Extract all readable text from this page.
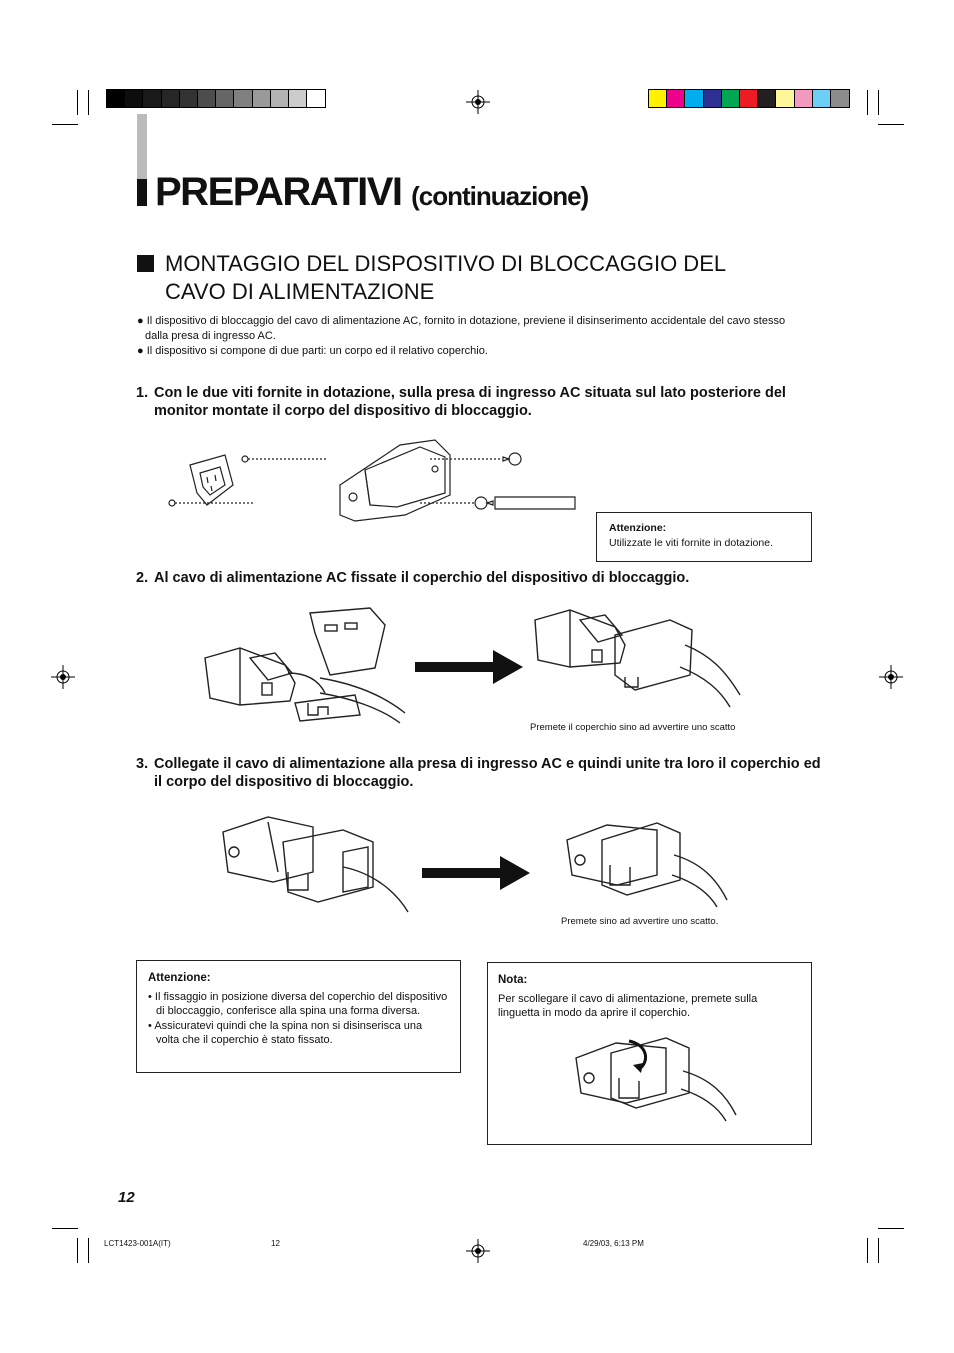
PREPARATIVI (continuazione)
MONTAGGIO DEL DISPOSITIVO DI BLOCCAGGIO DEL CAVO DI ALIMENTAZIONE

● Il dispositivo di bloccaggio del cavo di alimentazione AC, fornito in dotazione, previene il disinserimento accidentale del cavo stesso dalla presa di ingresso AC.

● Il dispositivo si compone di due parti: un corpo ed il relativo coperchio.

1. Con le due viti fornite in dotazione, sulla presa di ingresso AC situata sul lato posteriore del monitor montate il corpo del dispositivo di bloccaggio.
Attenzione:
Utilizzate le viti fornite in dotazione.
2. Al cavo di alimentazione AC fissate il coperchio del dispositivo di bloccaggio.
Premete il coperchio sino ad avvertire uno scatto
3. Collegate il cavo di alimentazione alla presa di ingresso AC e quindi unite tra loro il coperchio ed il corpo del dispositivo di bloccaggio.
Premete sino ad avvertire uno scatto.
Attenzione:

• Il fissaggio in posizione diversa del coperchio del dispositivo di bloccaggio, conferisce alla spina una forma diversa.

• Assicuratevi quindi che la spina non si disinserisca una volta che il coperchio è stato fissato.

Nota:
Per scollegare il cavo di alimentazione, premete sulla linguetta in modo da aprire il coperchio.
12
LCT1423-001A(IT)	12	4/29/03, 6:13 PM
